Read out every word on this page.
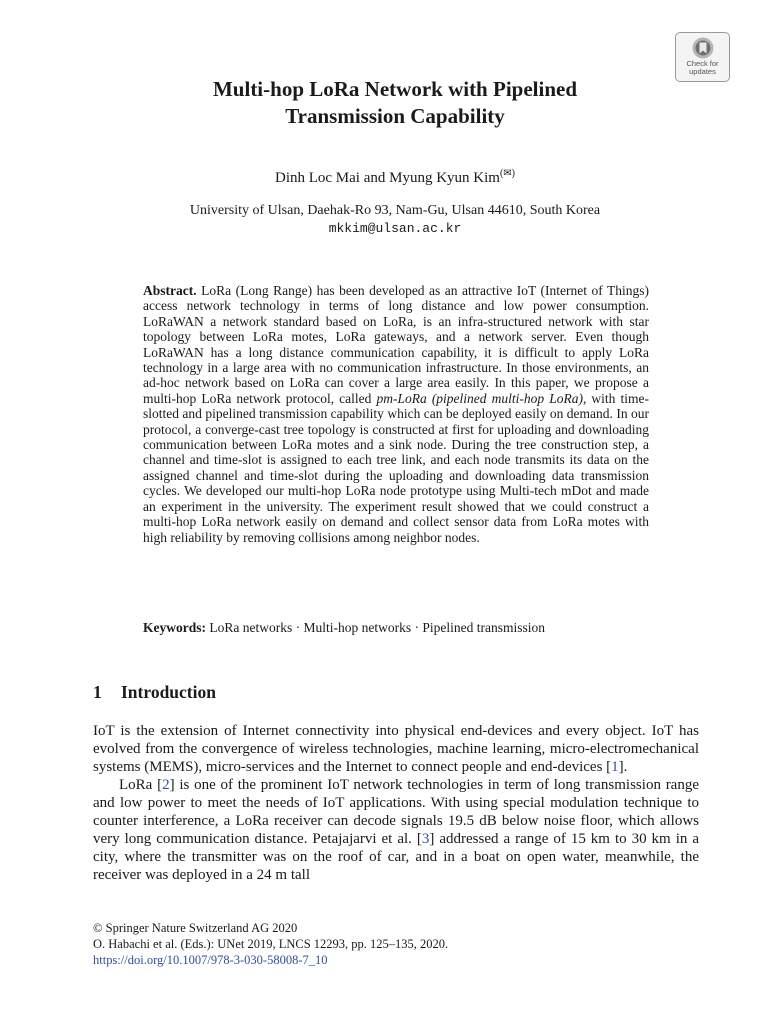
Check for
updates
Multi-hop LoRa Network with Pipelined
Transmission Capability
Dinh Loc Mai and Myung Kyun Kim(✉)
University of Ulsan, Daehak-Ro 93, Nam-Gu, Ulsan 44610, South Korea
mkkim@ulsan.ac.kr

Abstract. LoRa (Long Range) has been developed as an attractive IoT (Internet of Things) access network technology in terms of long distance and low power consumption. LoRaWAN a network standard based on LoRa, is an infra-structured network with star topology between LoRa motes, LoRa gateways, and a network server. Even though LoRaWAN has a long distance communication capability, it is difficult to apply LoRa technology in a large area with no communication infrastructure. In those environments, an ad-hoc network based on LoRa can cover a large area easily. In this paper, we propose a multi-hop LoRa network protocol, called pm-LoRa (pipelined multi-hop LoRa), with time-slotted and pipelined transmission capability which can be deployed easily on demand. In our protocol, a converge-cast tree topology is constructed at first for uploading and downloading communication between LoRa motes and a sink node. During the tree construction step, a channel and time-slot is assigned to each tree link, and each node transmits its data on the assigned channel and time-slot during the uploading and downloading data transmission cycles. We developed our multi-hop LoRa node prototype using Multi-tech mDot and made an experiment in the university. The experiment result showed that we could construct a multi-hop LoRa network easily on demand and collect sensor data from LoRa motes with high reliability by removing collisions among neighbor nodes.

Keywords: LoRa networks · Multi-hop networks · Pipelined transmission

1 Introduction

IoT is the extension of Internet connectivity into physical end-devices and every object. IoT has evolved from the convergence of wireless technologies, machine learning, micro-electromechanical systems (MEMS), micro-services and the Internet to connect people and end-devices [1].

LoRa [2] is one of the prominent IoT network technologies in term of long transmission range and low power to meet the needs of IoT applications. With using special modulation technique to counter interference, a LoRa receiver can decode signals 19.5 dB below noise floor, which allows very long communication distance. Petajajarvi et al. [3] addressed a range of 15 km to 30 km in a city, where the transmitter was on the roof of car, and in a boat on open water, meanwhile, the receiver was deployed in a 24 m tall

© Springer Nature Switzerland AG 2020
O. Habachi et al. (Eds.): UNet 2019, LNCS 12293, pp. 125–135, 2020.
https://doi.org/10.1007/978-3-030-58008-7_10
